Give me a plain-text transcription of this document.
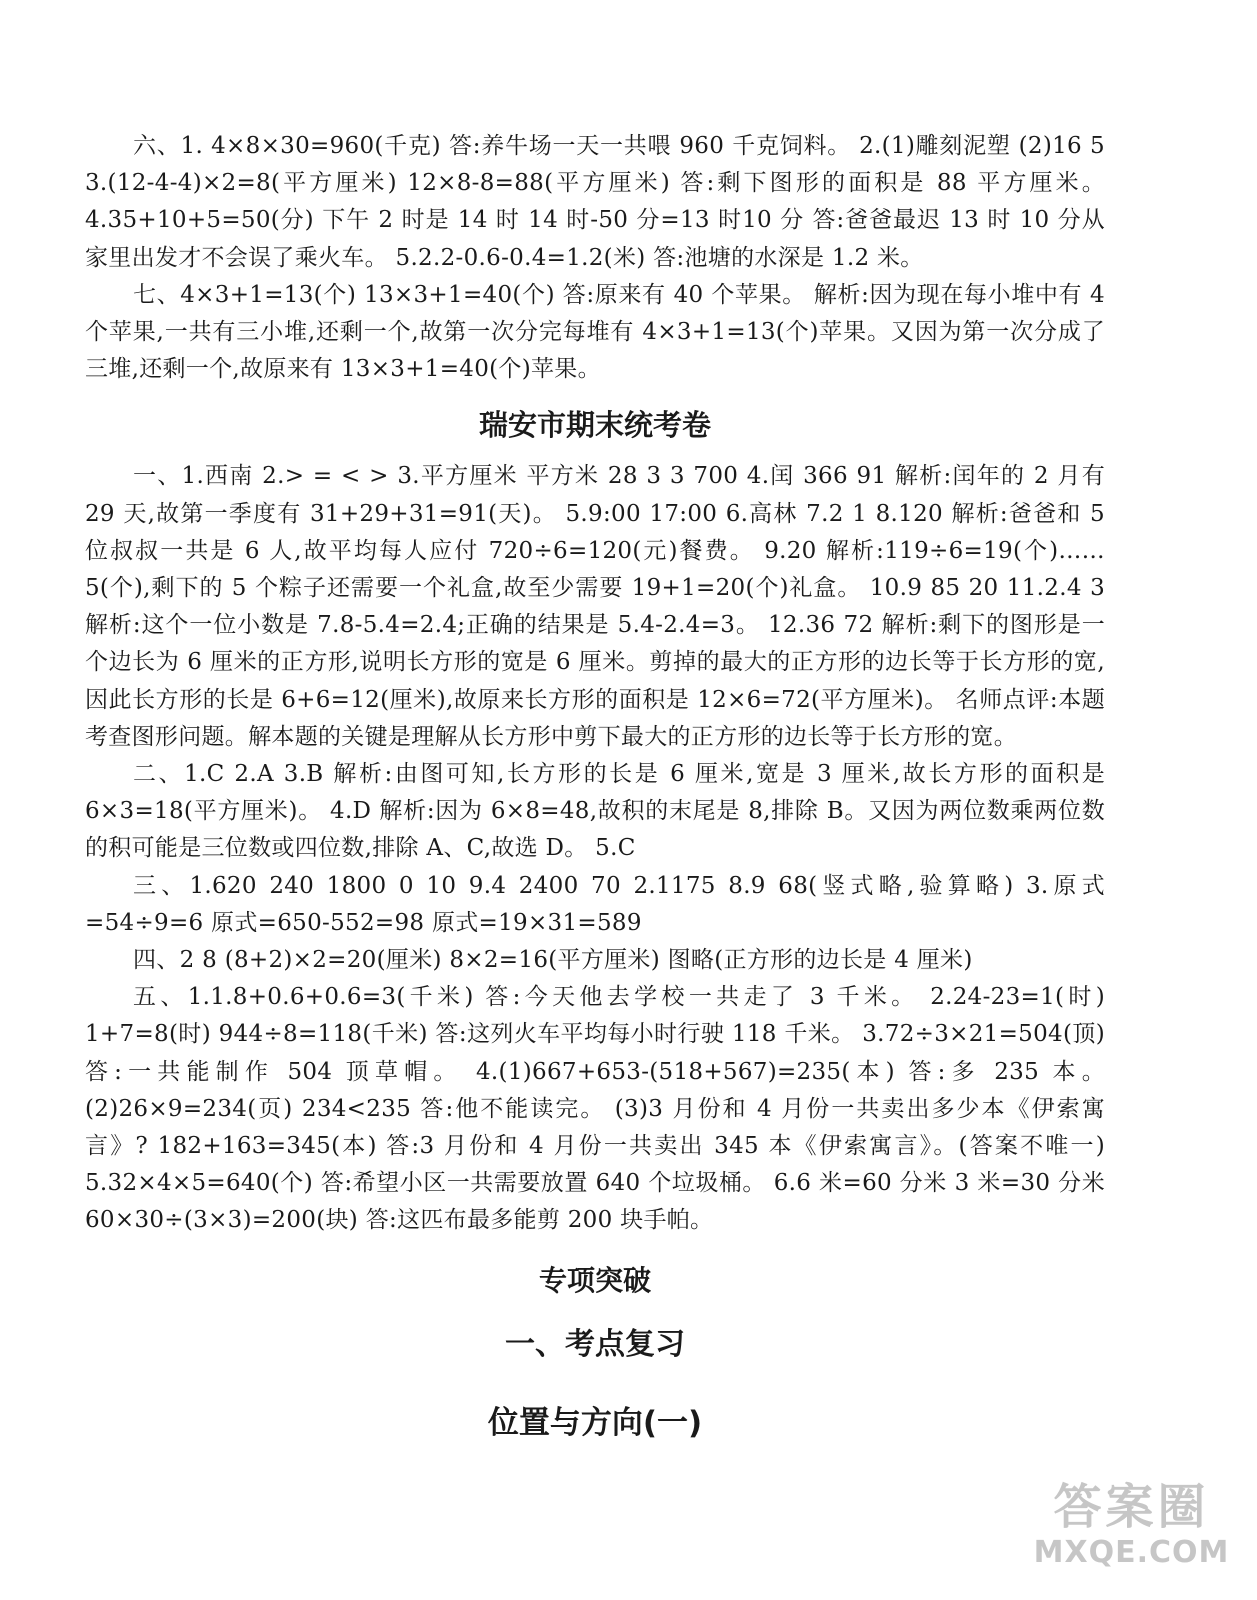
六、1. 4×8×30=960(千克) 答:养牛场一天一共喂 960 千克饲料。 2.(1)雕刻泥塑 (2)16 5 3.(12-4-4)×2=8(平方厘米) 12×8-8=88(平方厘米) 答:剩下图形的面积是 88 平方厘米。 4.35+10+5=50(分) 下午 2 时是 14 时 14 时-50 分=13 时10 分 答:爸爸最迟 13 时 10 分从家里出发才不会误了乘火车。 5.2.2-0.6-0.4=1.2(米) 答:池塘的水深是 1.2 米。

七、4×3+1=13(个) 13×3+1=40(个) 答:原来有 40 个苹果。 解析:因为现在每小堆中有 4 个苹果,一共有三小堆,还剩一个,故第一次分完每堆有 4×3+1=13(个)苹果。又因为第一次分成了三堆,还剩一个,故原来有 13×3+1=40(个)苹果。

瑞安市期末统考卷

一、1.西南 2.> = < > 3.平方厘米 平方米 28 3 3 700 4.闰 366 91 解析:闰年的 2 月有 29 天,故第一季度有 31+29+31=91(天)。 5.9:00 17:00 6.高林 7.2 1 8.120 解析:爸爸和 5 位叔叔一共是 6 人,故平均每人应付 720÷6=120(元)餐费。 9.20 解析:119÷6=19(个)……5(个),剩下的 5 个粽子还需要一个礼盒,故至少需要 19+1=20(个)礼盒。 10.9 85 20 11.2.4 3 解析:这个一位小数是 7.8-5.4=2.4;正确的结果是 5.4-2.4=3。 12.36 72 解析:剩下的图形是一个边长为 6 厘米的正方形,说明长方形的宽是 6 厘米。剪掉的最大的正方形的边长等于长方形的宽,因此长方形的长是 6+6=12(厘米),故原来长方形的面积是 12×6=72(平方厘米)。 名师点评:本题考查图形问题。解本题的关键是理解从长方形中剪下最大的正方形的边长等于长方形的宽。

二、1.C 2.A 3.B 解析:由图可知,长方形的长是 6 厘米,宽是 3 厘米,故长方形的面积是 6×3=18(平方厘米)。 4.D 解析:因为 6×8=48,故积的末尾是 8,排除 B。又因为两位数乘两位数的积可能是三位数或四位数,排除 A、C,故选 D。 5.C

三、1.620 240 1800 0 10 9.4 2400 70 2.1175 8.9 68(竖式略,验算略) 3.原式=54÷9=6 原式=650-552=98 原式=19×31=589

四、2 8 (8+2)×2=20(厘米) 8×2=16(平方厘米) 图略(正方形的边长是 4 厘米)

五、1.1.8+0.6+0.6=3(千米) 答:今天他去学校一共走了 3 千米。 2.24-23=1(时) 1+7=8(时) 944÷8=118(千米) 答:这列火车平均每小时行驶 118 千米。 3.72÷3×21=504(顶) 答:一共能制作 504 顶草帽。 4.(1)667+653-(518+567)=235(本) 答:多 235 本。 (2)26×9=234(页) 234<235 答:他不能读完。 (3)3 月份和 4 月份一共卖出多少本《伊索寓言》? 182+163=345(本) 答:3 月份和 4 月份一共卖出 345 本《伊索寓言》。(答案不唯一) 5.32×4×5=640(个) 答:希望小区一共需要放置 640 个垃圾桶。 6.6 米=60 分米 3 米=30 分米 60×30÷(3×3)=200(块) 答:这匹布最多能剪 200 块手帕。

专项突破
一、考点复习
位置与方向(一)
答案圈
MXQE.COM
